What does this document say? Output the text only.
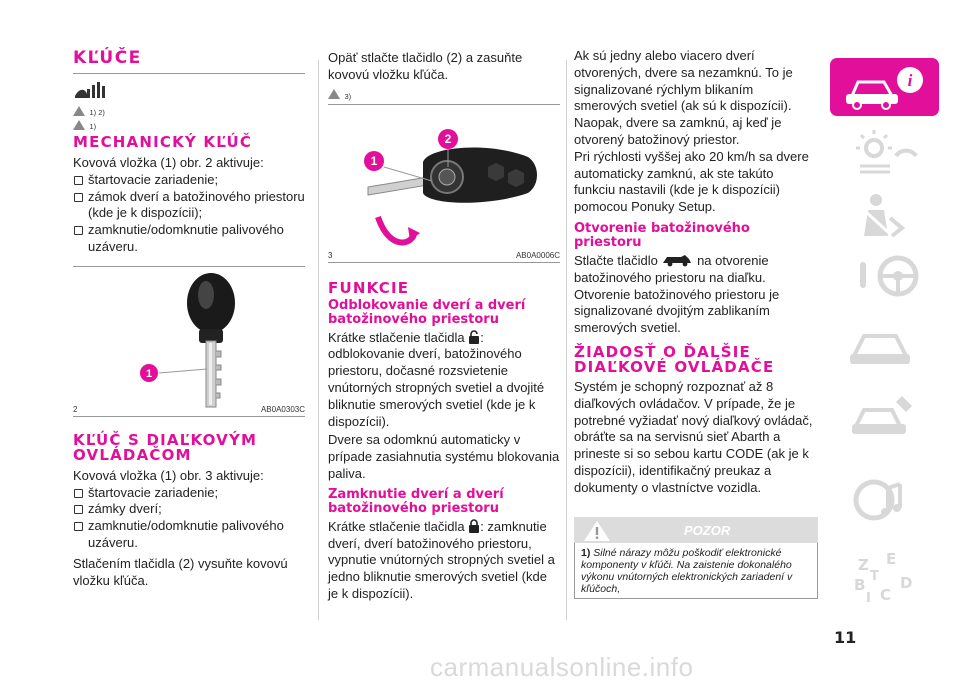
KĽÚČE
1) 2)
1)
MECHANICKÝ KĽÚČ

Kovová vložka (1) obr. 2 aktivuje:

štartovacie zariadenie;
zámok dverí a batožinového priestoru (kde je k dispozícii);
zamknutie/odomknutie palivového uzáveru.
1
2	AB0A0303C
KĽÚČ S DIAĽKOVÝM OVLÁDAČOM

Kovová vložka (1) obr. 3 aktivuje:

štartovacie zariadenie;
zámky dverí;
zamknutie/odomknutie palivového uzáveru.

Stlačením tlačidla (2) vysuňte kovovú vložku kľúča.

Opäť stlačte tlačidlo (2) a zasuňte kovovú vložku kľúča.

3)
1
2
3	AB0A0006C
FUNKCIE
Odblokovanie dverí a dverí batožinového priestoru

Krátke stlačenie tlačidla : odblokovanie dverí, batožinového priestoru, dočasné rozsvietenie vnútorných stropných svetiel a dvojité bliknutie smerových svetiel (kde je k dispozícii).

Dvere sa odomknú automaticky v prípade zasiahnutia systému blokovania paliva.

Zamknutie dverí a dverí batožinového priestoru

Krátke stlačenie tlačidla : zamknutie dverí, dverí batožinového priestoru, vypnutie vnútorných stropných svetiel a jedno bliknutie smerových svetiel (kde je k dispozícii).

Ak sú jedny alebo viacero dverí otvorených, dvere sa nezamknú. To je signalizované rýchlym blikaním smerových svetiel (ak sú k dispozícii). Naopak, dvere sa zamknú, aj keď je otvorený batožinový priestor.

Pri rýchlosti vyššej ako 20 km/h sa dvere automaticky zamknú, ak ste takúto funkciu nastavili (kde je k dispozícii) pomocou Ponuky Setup.

Otvorenie batožinového priestoru

Stlačte tlačidlo	na otvorenie batožinového priestoru na diaľku.

Otvorenie batožinového priestoru je signalizované dvojitým zablikaním smerových svetiel.

ŽIADOSŤ O ĎALŠIE DIAĽKOVÉ OVLÁDAČE

Systém je schopný rozpoznať až 8 diaľkových ovládačov. V prípade, že je potrebné vyžiadať nový diaľkový ovládač, obráťte sa na servisnú sieť Abarth a prineste si so sebou kartu CODE (ak je k dispozícii), identifikačný preukaz a dokumenty o vlastníctve vozidla.

POZOR
1) Silné nárazy môžu poškodiť elektronické komponenty v kľúči. Na zaistenie dokonalého výkonu vnútorných elektronických zariadení v kľúčoch,
i
Z E
B
C
D
T
I
11
carmanualsonline.info
